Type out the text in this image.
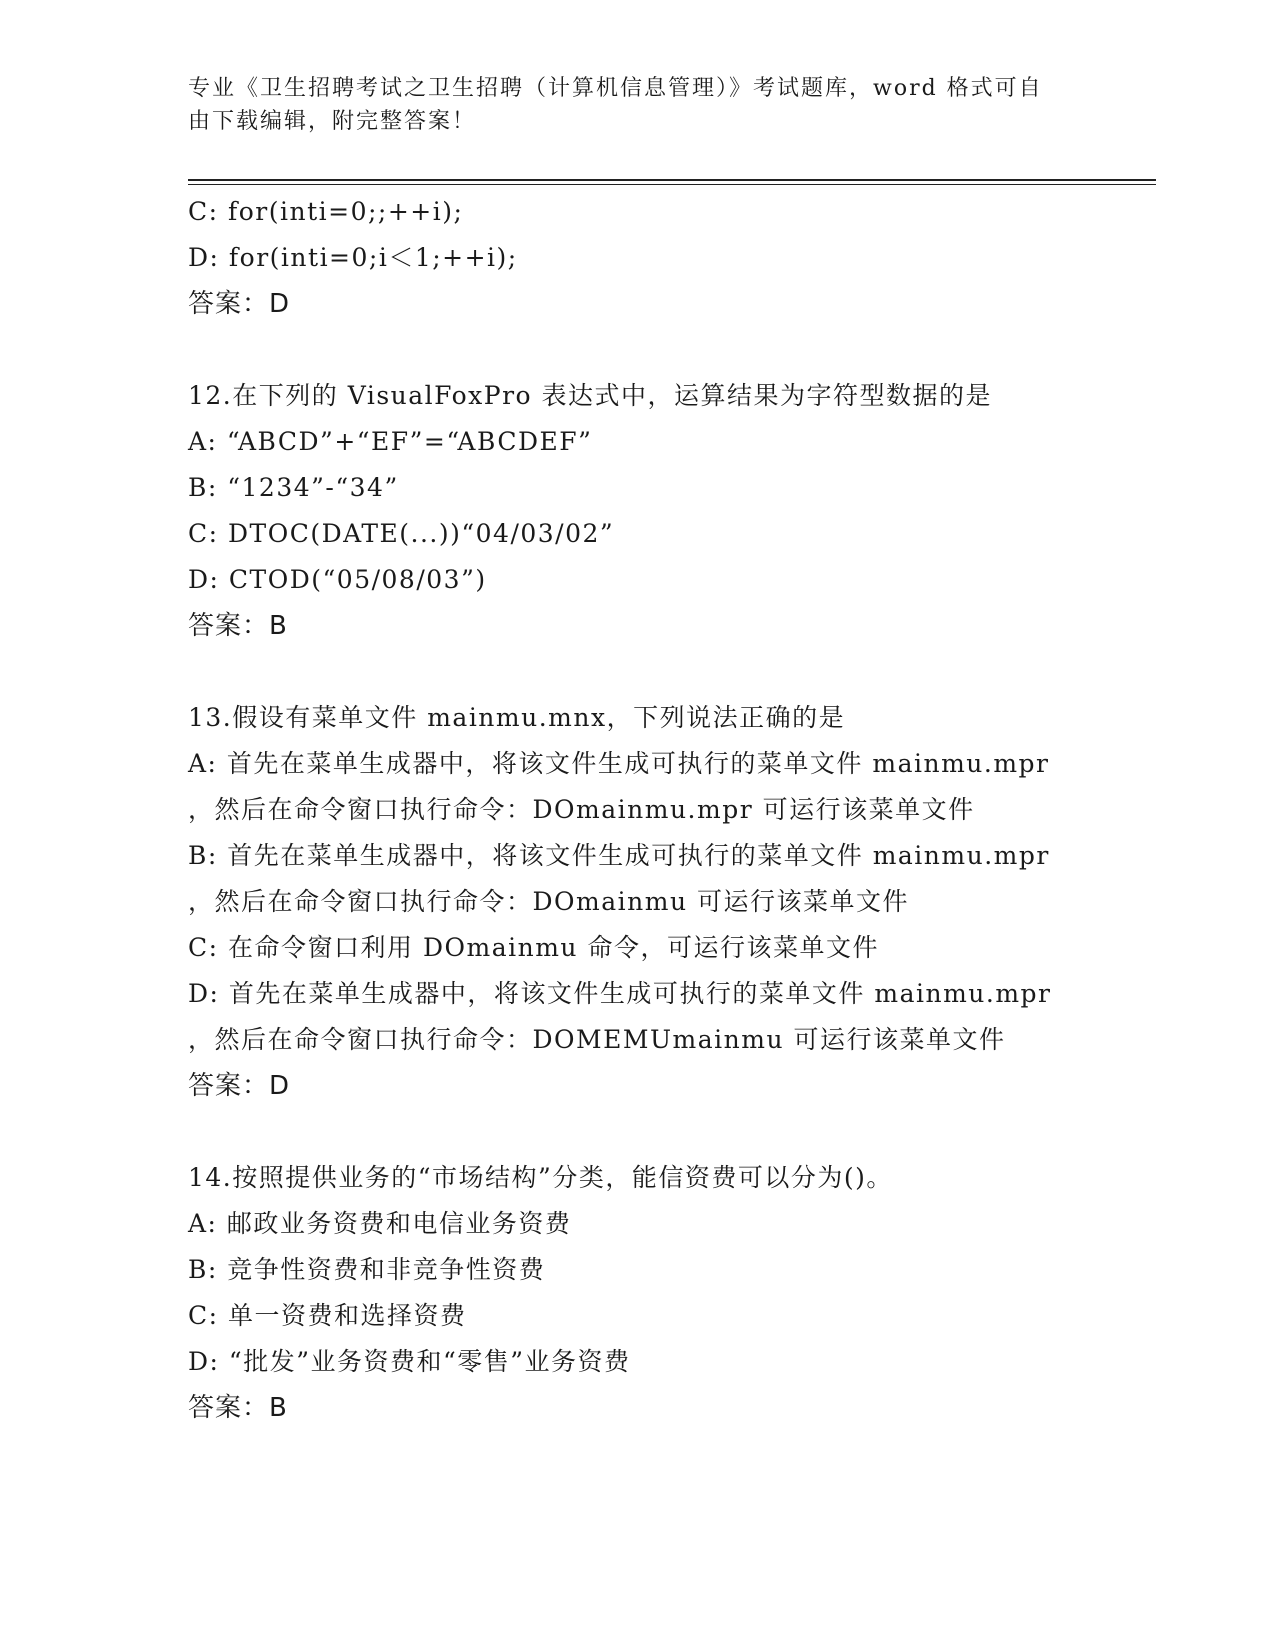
专业《卫生招聘考试之卫生招聘（计算机信息管理）》考试题库，word 格式可自
由下载编辑，附完整答案！
C: for(inti=0;;++i);
D: for(inti=0;i＜1;++i);
答案：D
12.在下列的 VisualFoxPro 表达式中，运算结果为字符型数据的是
A: “ABCD”+“EF”=“ABCDEF”
B: “1234”-“34”
C: DTOC(DATE(...))“04/03/02”
D: CTOD(“05/08/03”)
答案：B
13.假设有菜单文件 mainmu.mnx，下列说法正确的是
A: 首先在菜单生成器中，将该文件生成可执行的菜单文件 mainmu.mpr
，然后在命令窗口执行命令：DOmainmu.mpr 可运行该菜单文件
B: 首先在菜单生成器中，将该文件生成可执行的菜单文件 mainmu.mpr
，然后在命令窗口执行命令：DOmainmu 可运行该菜单文件
C: 在命令窗口利用 DOmainmu 命令，可运行该菜单文件
D: 首先在菜单生成器中，将该文件生成可执行的菜单文件 mainmu.mpr
，然后在命令窗口执行命令：DOMEMUmainmu 可运行该菜单文件
答案：D
14.按照提供业务的“市场结构”分类，能信资费可以分为()。
A: 邮政业务资费和电信业务资费
B: 竞争性资费和非竞争性资费
C: 单一资费和选择资费
D: “批发”业务资费和“零售”业务资费
答案：B
